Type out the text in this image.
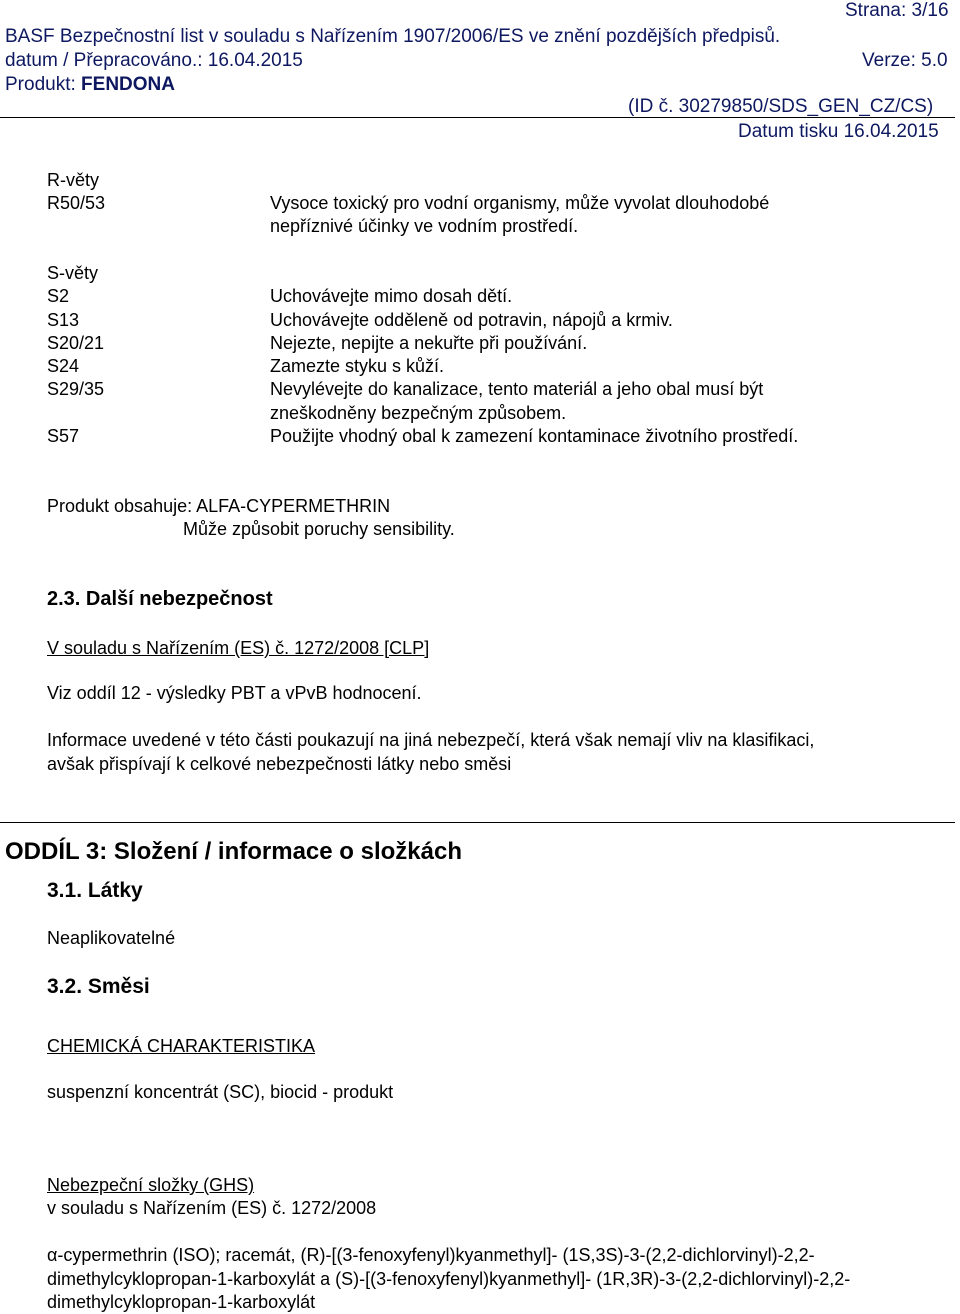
Strana: 3/16
BASF Bezpečnostní list v souladu s Nařízením 1907/2006/ES ve znění pozdějších předpisů.
datum / Přepracováno.: 16.04.2015	Verze: 5.0
Produkt: FENDONA
(ID č. 30279850/SDS_GEN_CZ/CS)
Datum tisku 16.04.2015
R-věty
R50/53	Vysoce toxický pro vodní organismy, může vyvolat dlouhodobé
nepříznivé účinky ve vodním prostředí.
S-věty
S2	Uchovávejte mimo dosah dětí.
S13	Uchovávejte odděleně od potravin, nápojů a krmiv.
S20/21	Nejezte, nepijte a nekuřte při používání.
S24	Zamezte styku s kůží.
S29/35	Nevylévejte do kanalizace, tento materiál a jeho obal musí být
zneškodněny bezpečným způsobem.
S57	Použijte vhodný obal k zamezení kontaminace životního prostředí.
Produkt obsahuje: ALFA-CYPERMETHRIN
Může způsobit poruchy sensibility.
2.3. Další nebezpečnost
V souladu s Nařízením (ES) č. 1272/2008 [CLP]
Viz oddíl 12 - výsledky PBT a vPvB hodnocení.
Informace uvedené v této části poukazují na jiná nebezpečí, která však nemají vliv na klasifikaci,
avšak přispívají k celkové nebezpečnosti látky nebo směsi
ODDÍL 3: Složení / informace o složkách
3.1. Látky
Neaplikovatelné
3.2. Směsi
CHEMICKÁ CHARAKTERISTIKA
suspenzní koncentrát (SC), biocid - produkt
Nebezpeční složky (GHS)
v souladu s Nařízením (ES) č. 1272/2008
α-cypermethrin (ISO); racemát, (R)-[(3-fenoxyfenyl)kyanmethyl]- (1S,3S)-3-(2,2-dichlorvinyl)-2,2-
dimethylcyklopropan-1-karboxylát a (S)-[(3-fenoxyfenyl)kyanmethyl]- (1R,3R)-3-(2,2-dichlorvinyl)-2,2-
dimethylcyklopropan-1-karboxylát
